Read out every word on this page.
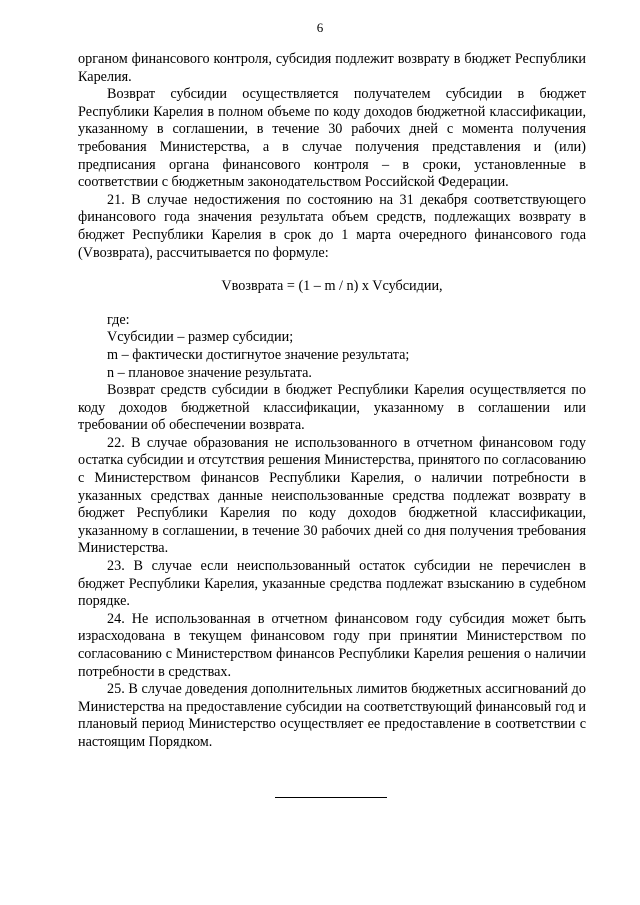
6

органом финансового контроля, субсидия подлежит возврату в бюджет Республики Карелия.

Возврат субсидии осуществляется получателем субсидии в бюджет Республики Карелия в полном объеме по коду доходов бюджетной классификации, указанному в соглашении, в течение 30 рабочих дней с момента получения требования Министерства, а в случае получения представления и (или) предписания органа финансового контроля – в сроки, установленные в соответствии с бюджетным законодательством Российской Федерации.

21. В случае недостижения по состоянию на 31 декабря соответствующего финансового года значения результата объем средств, подлежащих возврату в бюджет Республики Карелия в срок до 1 марта очередного финансового года (Vвозврата), рассчитывается по формуле:

Vвозврата = (1 – m / n) x Vсубсидии,

где:

Vсубсидии – размер субсидии;

m – фактически достигнутое значение результата;

n – плановое значение результата.

Возврат средств субсидии в бюджет Республики Карелия осуществляется по коду доходов бюджетной классификации, указанному в соглашении или требовании об обеспечении возврата.

22. В случае образования не использованного в отчетном финансовом году остатка субсидии и отсутствия решения Министерства, принятого по согласованию с Министерством финансов Республики Карелия, о наличии потребности в указанных средствах данные неиспользованные средства подлежат возврату в бюджет Республики Карелия по коду доходов бюджетной классификации, указанному в соглашении, в течение 30 рабочих дней со дня получения требования Министерства.

23. В случае если неиспользованный остаток субсидии не перечислен в бюджет Республики Карелия, указанные средства подлежат взысканию в судебном порядке.

24. Не использованная в отчетном финансовом году субсидия может быть израсходована в текущем финансовом году при принятии Министерством по согласованию с Министерством финансов Республики Карелия решения о наличии потребности в средствах.

25. В случае доведения дополнительных лимитов бюджетных ассигнований до Министерства на предоставление субсидии на соответствующий финансовый год и плановый период Министерство осуществляет ее предоставление в соответствии с настоящим Порядком.
